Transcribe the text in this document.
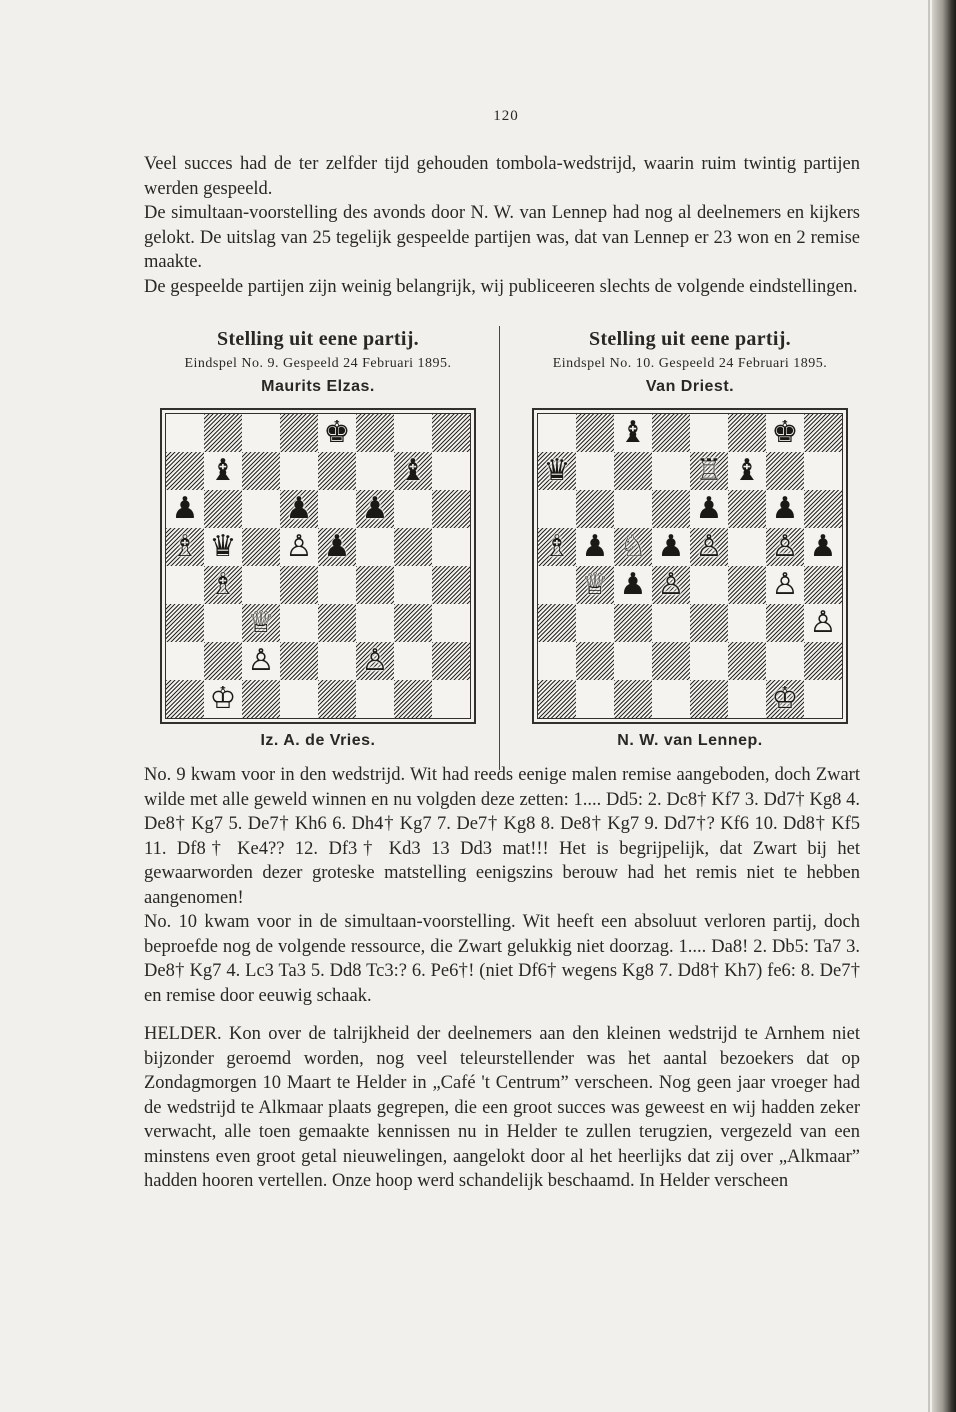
120

Veel succes had de ter zelfder tijd gehouden tombola-wedstrijd, waarin ruim twintig partijen werden gespeeld.

De simultaan-voorstelling des avonds door N. W. van Lennep had nog al deelnemers en kijkers gelokt. De uitslag van 25 tegelijk gespeelde partijen was, dat van Lennep er 23 won en 2 remise maakte.

De gespeelde partijen zijn weinig belangrijk, wij publiceeren slechts de volgende eindstellingen.

Stelling uit eene partij.
Eindspel No. 9. Gespeeld 24 Februari 1895.
Maurits Elzas.
♚
♝	♝
♟	♟ ♟
♗ ♛ ♙ ♟
♗
♕
♙	♙
♔
Iz. A. de Vries.
Stelling uit eene partij.
Eindspel No. 10. Gespeeld 24 Februari 1895.
Van Driest.
♝	♚
♛	♖ ♝
♟ ♟
♗ ♟ ♘ ♟ ♙ ♙ ♟
♕ ♟ ♙	♙
♙
♔
N. W. van Lennep.

No. 9 kwam voor in den wedstrijd. Wit had reeds eenige malen remise aangeboden, doch Zwart wilde met alle geweld winnen en nu volgden deze zetten: 1.... Dd5: 2. Dc8† Kf7 3. Dd7† Kg8 4. De8† Kg7 5. De7† Kh6 6. Dh4† Kg7 7. De7† Kg8 8. De8† Kg7 9. Dd7†? Kf6 10. Dd8† Kf5 11. Df8† Ke4?? 12. Df3† Kd3 13 Dd3 mat!!! Het is begrijpelijk, dat Zwart bij het gewaarworden dezer groteske matstelling eenigszins berouw had het remis niet te hebben aangenomen!

No. 10 kwam voor in de simultaan-voorstelling. Wit heeft een absoluut verloren partij, doch beproefde nog de volgende ressource, die Zwart gelukkig niet doorzag. 1.... Da8! 2. Db5: Ta7 3. De8† Kg7 4. Lc3 Ta3 5. Dd8 Tc3:? 6. Pe6†! (niet Df6† wegens Kg8 7. Dd8† Kh7) fe6: 8. De7† en remise door eeuwig schaak.

HELDER. Kon over de talrijkheid der deelnemers aan den kleinen wedstrijd te Arnhem niet bijzonder geroemd worden, nog veel teleurstellender was het aantal bezoekers dat op Zondagmorgen 10 Maart te Helder in „Café 't Centrum” verscheen. Nog geen jaar vroeger had de wedstrijd te Alkmaar plaats gegrepen, die een groot succes was geweest en wij hadden zeker verwacht, alle toen gemaakte kennissen nu in Helder te zullen terugzien, vergezeld van een minstens even groot getal nieuwelingen, aangelokt door al het heerlijks dat zij over „Alkmaar” hadden hooren vertellen. Onze hoop werd schandelijk beschaamd. In Helder verscheen
